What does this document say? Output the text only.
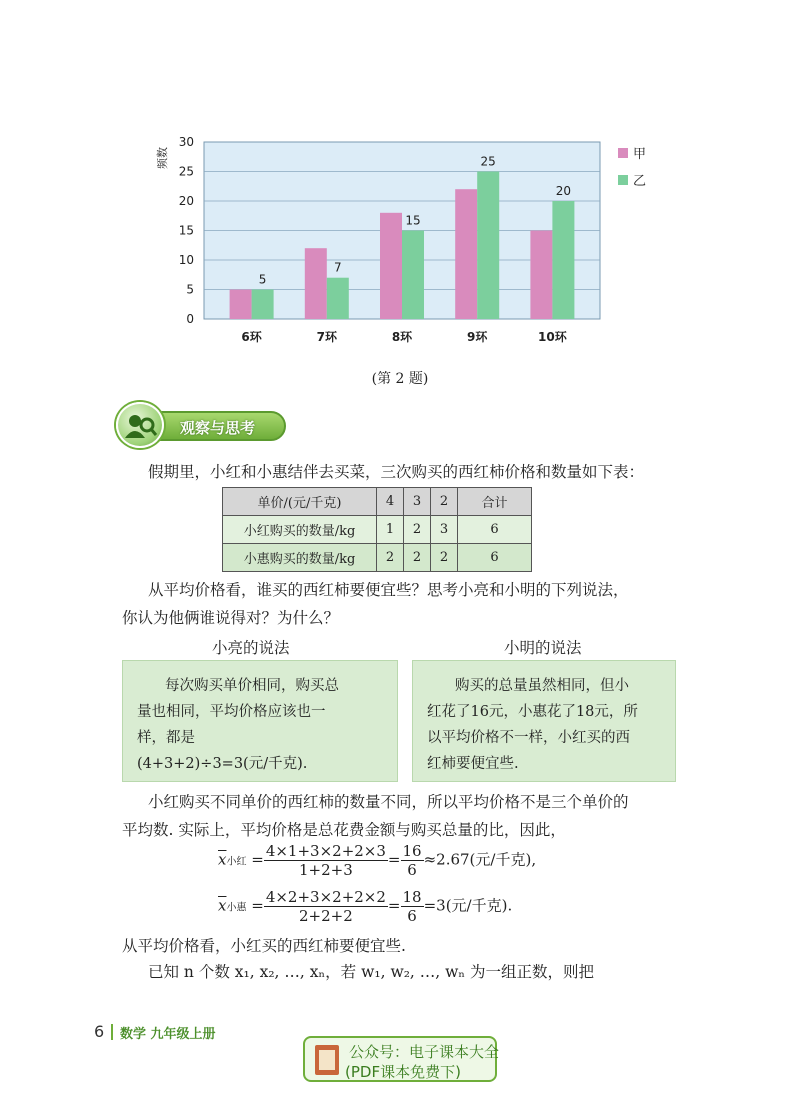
0
5
10
15
20
25
30
频数
5
6环
7
7环
15
8环
25
9环
20
10环
甲
乙
(第 2 题)
观察与思考
假期里，小红和小惠结伴去买菜，三次购买的西红柿价格和数量如下表：
单价/(元/千克)	4	3	2	合计
小红购买的数量/kg	1	2	3	6
小惠购买的数量/kg	2	2	2	6
从平均价格看，谁买的西红柿要便宜些？思考小亮和小明的下列说法，
你认为他俩谁说得对？为什么？
小亮的说法	小明的说法
每次购买单价相同，购买总
量也相同，平均价格应该也一
样，都是
(4+3+2)÷3=3(元/千克).
购买的总量虽然相同，但小
红花了16元，小惠花了18元，所
以平均价格不一样，小红买的西
红柿要便宜些.
小红购买不同单价的西红柿的数量不同，所以平均价格不是三个单价的
平均数. 实际上，平均价格是总花费金额与购买总量的比，因此，
$\overline{x}$小红 = $\frac{4\times 1+3\times 2+2\times 3}{1+2+3} = \frac{16}{6} \approx 2.67$(元/千克),
$\overline{x}$小惠 = $\frac{4\times 2+3\times 2+2\times 2}{2+2+2} = \frac{18}{6} =3$(元/千克).
从平均价格看，小红买的西红柿要便宜些.
已知 n 个数 x₁, x₂, …, xₙ，若 w₁, w₂, …, wₙ 为一组正数，则把
6 数学 九年级上册
公众号：电子课本大全
(PDF课本免费下)
